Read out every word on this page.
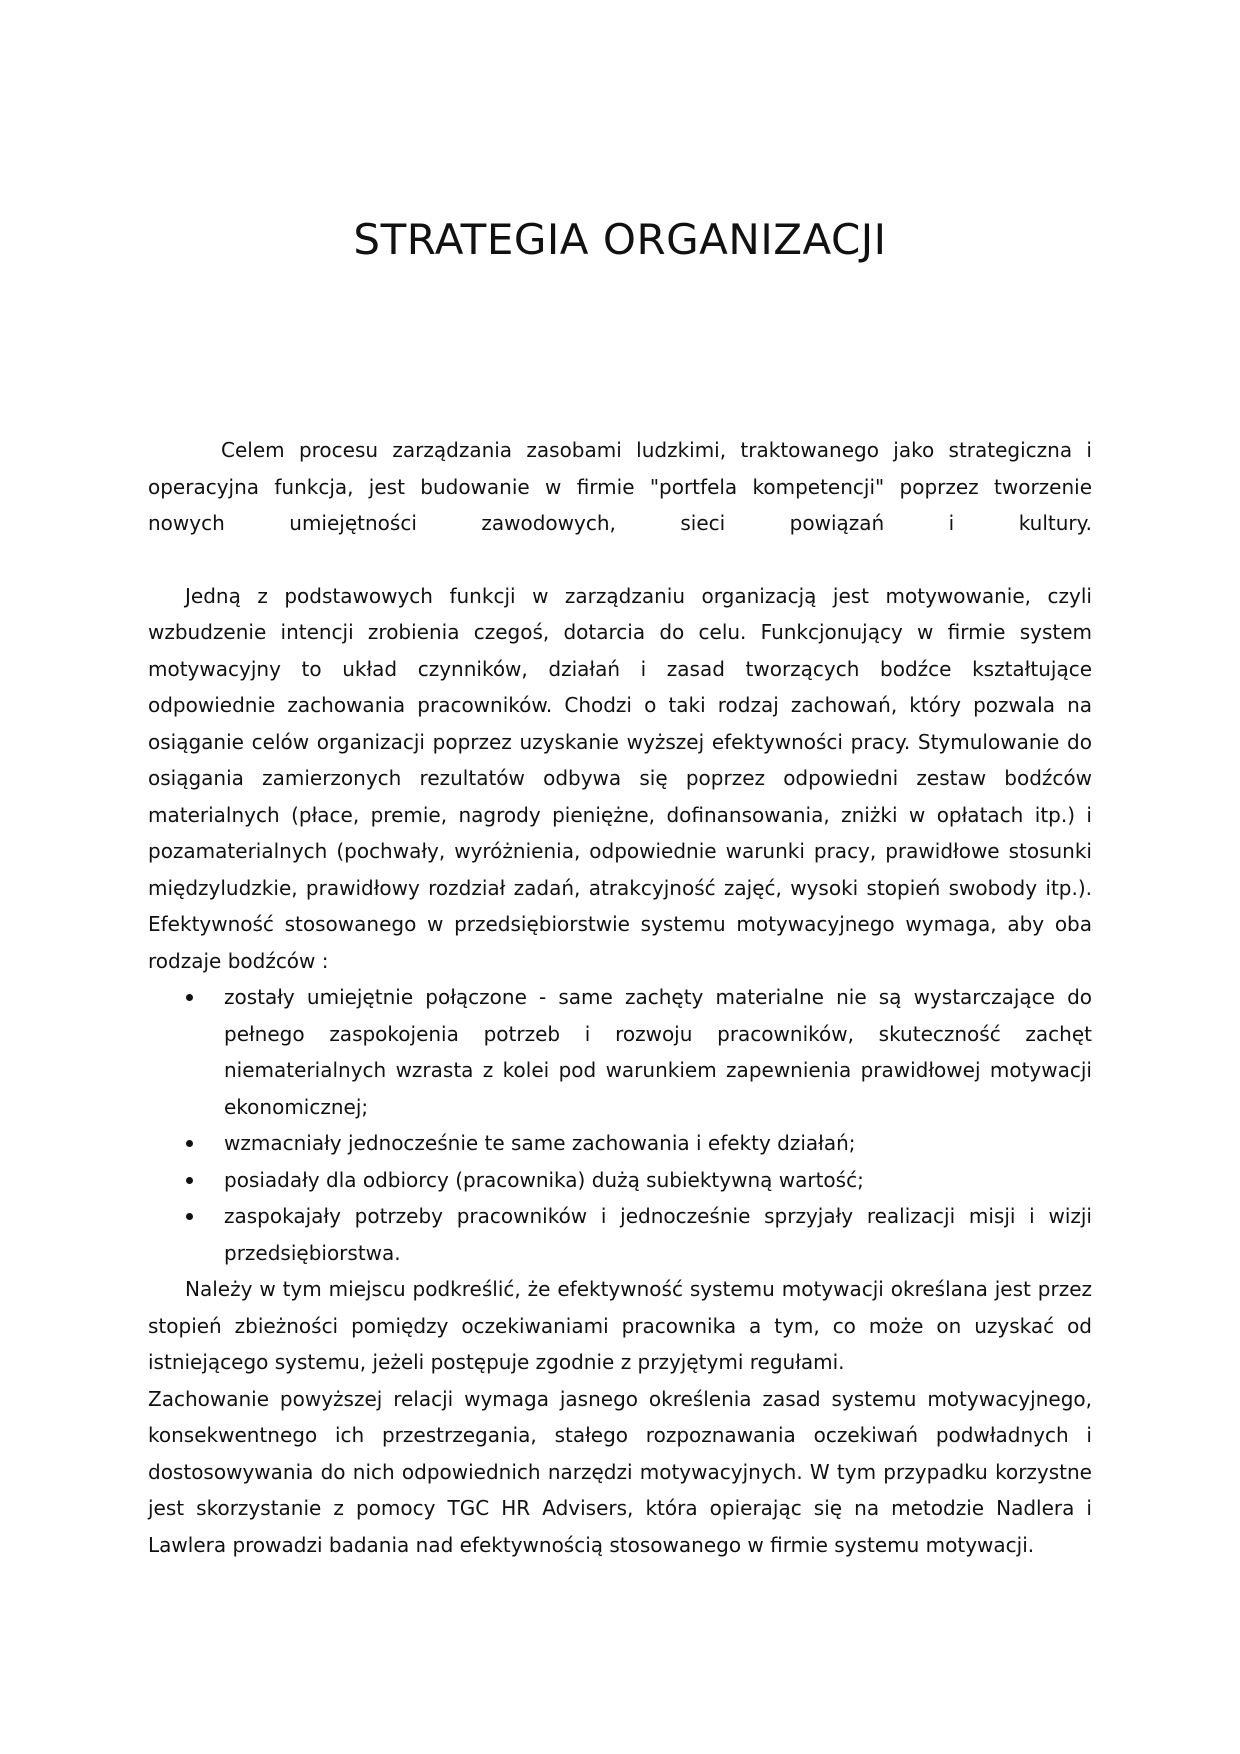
STRATEGIA ORGANIZACJI

Celem procesu zarządzania zasobami ludzkimi, traktowanego jako strategiczna i operacyjna funkcja, jest budowanie w firmie "portfela kompetencji" poprzez tworzenie nowych umiejętności zawodowych, sieci powiązań i kultury.

Jedną z podstawowych funkcji w zarządzaniu organizacją jest motywowanie, czyli wzbudzenie intencji zrobienia czegoś, dotarcia do celu. Funkcjonujący w firmie system motywacyjny to układ czynników, działań i zasad tworzących bodźce kształtujące odpowiednie zachowania pracowników. Chodzi o taki rodzaj zachowań, który pozwala na osiąganie celów organizacji poprzez uzyskanie wyższej efektywności pracy. Stymulowanie do osiągania zamierzonych rezultatów odbywa się poprzez odpowiedni zestaw bodźców materialnych (płace, premie, nagrody pieniężne, dofinansowania, zniżki w opłatach itp.) i pozamaterialnych (pochwały, wyróżnienia, odpowiednie warunki pracy, prawidłowe stosunki międzyludzkie, prawidłowy rozdział zadań, atrakcyjność zajęć, wysoki stopień swobody itp.). Efektywność stosowanego w przedsiębiorstwie systemu motywacyjnego wymaga, aby oba rodzaje bodźców :

zostały umiejętnie połączone - same zachęty materialne nie są wystarczające do pełnego zaspokojenia potrzeb i rozwoju pracowników, skuteczność zachęt niematerialnych wzrasta z kolei pod warunkiem zapewnienia prawidłowej motywacji ekonomicznej;
wzmacniały jednocześnie te same zachowania i efekty działań;
posiadały dla odbiorcy (pracownika) dużą subiektywną wartość;
zaspokajały potrzeby pracowników i jednocześnie sprzyjały realizacji misji i wizji przedsiębiorstwa.

Należy w tym miejscu podkreślić, że efektywność systemu motywacji określana jest przez stopień zbieżności pomiędzy oczekiwaniami pracownika a tym, co może on uzyskać od istniejącego systemu, jeżeli postępuje zgodnie z przyjętymi regułami.

Zachowanie powyższej relacji wymaga jasnego określenia zasad systemu motywacyjnego, konsekwentnego ich przestrzegania, stałego rozpoznawania oczekiwań podwładnych i dostosowywania do nich odpowiednich narzędzi motywacyjnych. W tym przypadku korzystne jest skorzystanie z pomocy TGC HR Advisers, która opierając się na metodzie Nadlera i Lawlera prowadzi badania nad efektywnością stosowanego w firmie systemu motywacji.
